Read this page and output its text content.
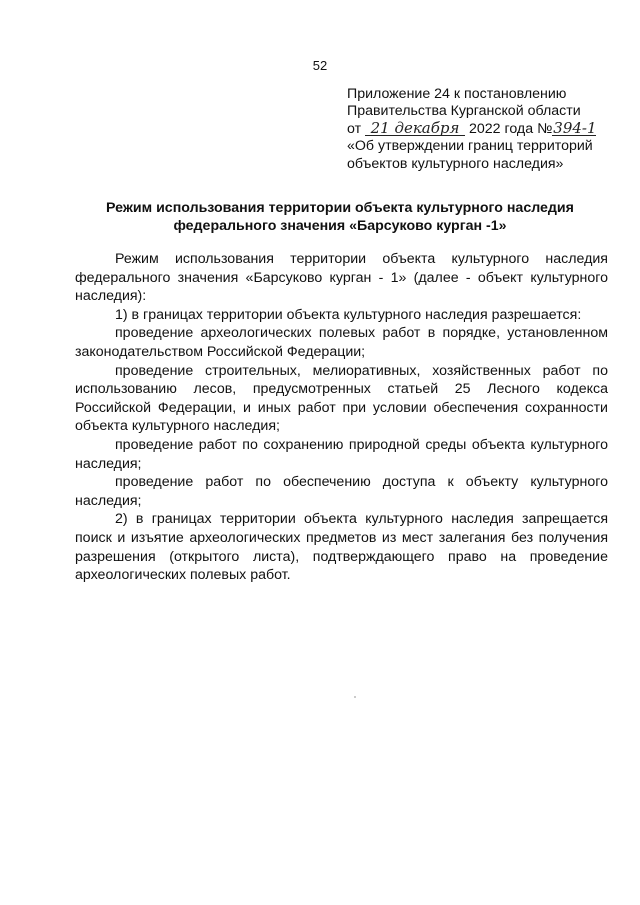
52
Приложение 24 к постановлению
Правительства Курганской области
от 21 декабря 2022 года №394-1
«Об утверждении границ территорий
объектов культурного наследия»
Режим использования территории объекта культурного наследия
федерального значения «Барсуково курган -1»

Режим использования территории объекта культурного наследия федерального значения «Барсуково курган - 1» (далее - объект культурного наследия):

1) в границах территории объекта культурного наследия разрешается:

проведение археологических полевых работ в порядке, установленном законодательством Российской Федерации;

проведение строительных, мелиоративных, хозяйственных работ по использованию лесов, предусмотренных статьей 25 Лесного кодекса Российской Федерации, и иных работ при условии обеспечения сохранности объекта культурного наследия;

проведение работ по сохранению природной среды объекта культурного наследия;

проведение работ по обеспечению доступа к объекту культурного наследия;

2) в границах территории объекта культурного наследия запрещается поиск и изъятие археологических предметов из мест залегания без получения разрешения (открытого листа), подтверждающего право на проведение археологических полевых работ.
